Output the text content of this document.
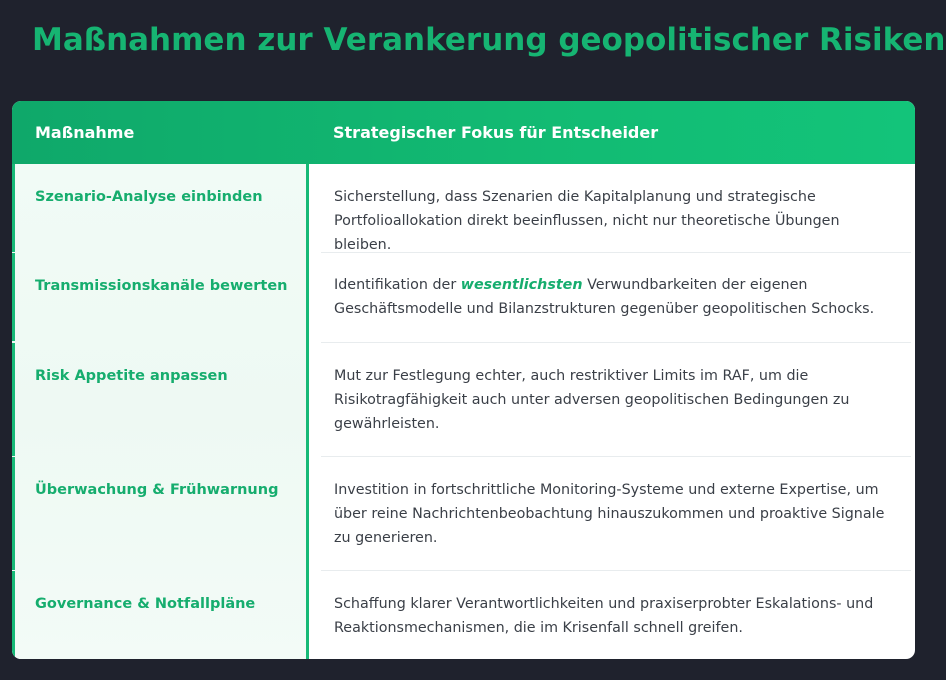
Maßnahmen zur Verankerung geopolitischer Risiken
Maßnahme	Strategischer Fokus für Entscheider
Szenario-Analyse einbinden	Sicherstellung, dass Szenarien die Kapitalplanung und strategische Portfolioallokation direkt beeinflussen, nicht nur theoretische Übungen bleiben.
Transmissionskanäle bewerten	Identifikation der wesentlichsten Verwundbarkeiten der eigenen Geschäftsmodelle und Bilanzstrukturen gegenüber geopolitischen Schocks.
Risk Appetite anpassen	Mut zur Festlegung echter, auch restriktiver Limits im RAF, um die Risikotragfähigkeit auch unter adversen geopolitischen Bedingungen zu gewährleisten.
Überwachung & Frühwarnung	Investition in fortschrittliche Monitoring-Systeme und externe Expertise, um über reine Nachrichtenbeobachtung hinauszukommen und proaktive Signale zu generieren.
Governance & Notfallpläne	Schaffung klarer Verantwortlichkeiten und praxiserprobter Eskalations- und Reaktionsmechanismen, die im Krisenfall schnell greifen.
